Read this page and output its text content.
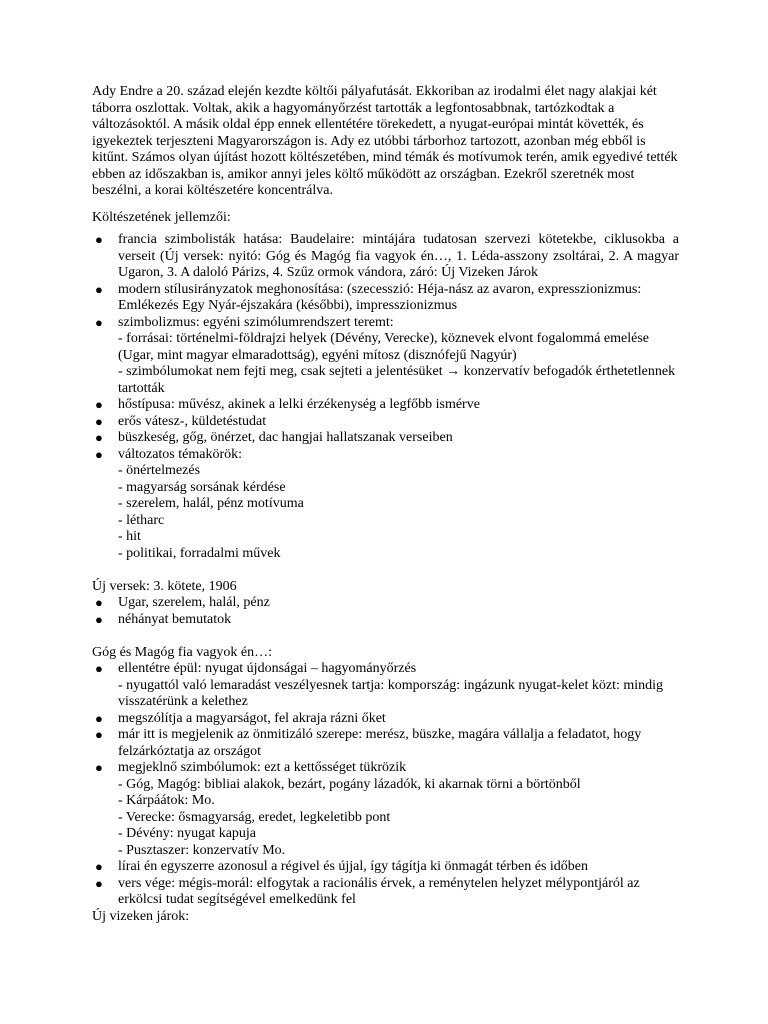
Ady Endre a 20. század elején kezdte költői pályafutását. Ekkoriban az irodalmi élet nagy alakjai két táborra oszlottak. Voltak, akik a hagyományőrzést tartották a legfontosabbnak, tartózkodtak a változásoktól. A másik oldal épp ennek ellentétére törekedett, a nyugat-európai mintát követték, és igyekeztek terjeszteni Magyarországon is. Ady ez utóbbi tárborhoz tartozott, azonban még ebből is kitűnt. Számos olyan újítást hozott költészetében, mind témák és motívumok terén, amik egyedivé tették ebben az időszakban is, amikor annyi jeles költő működött az országban. Ezekről szeretnék most beszélni, a korai költészetére koncentrálva.

Költészetének jellemzői:

● francia szimbolisták hatása: Baudelaire: mintájára tudatosan szervezi kötetekbe, ciklusokba a verseit (Új versek: nyitó: Góg és Magóg fia vagyok én…, 1. Léda-asszony zsoltárai, 2. A magyar Ugaron, 3. A daloló Párizs, 4. Szűz ormok vándora, záró: Új Vizeken Járok
● modern stílusirányzatok meghonosítása: (szecesszió: Héja-nász az avaron, expresszionizmus: Emlékezés Egy Nyár-éjszakára (későbbi), impresszionizmus
● szimbolizmus: egyéni szimólumrendszert teremt:
- forrásai: történelmi-földrajzi helyek (Dévény, Verecke), köznevek elvont fogalommá emelése (Ugar, mint magyar elmaradottság), egyéni mítosz (disznófejű Nagyúr)
- szimbólumokat nem fejti meg, csak sejteti a jelentésüket → konzervatív befogadók érthetetlennek tartották
● hőstípusa: művész, akinek a lelki érzékenység a legfőbb ismérve
● erős vátesz-, küldetéstudat
● büszkeség, gőg, önérzet, dac hangjai hallatszanak verseiben
● változatos témakörök:
- önértelmezés
- magyarság sorsának kérdése
- szerelem, halál, pénz motívuma
- létharc
- hit
- politikai, forradalmi művek

Új versek: 3. kötete, 1906

● Ugar, szerelem, halál, pénz
● néhányat bemutatok

Góg és Magóg fia vagyok én…:

● ellentétre épül: nyugat újdonságai – hagyományőrzés
- nyugattól való lemaradást veszélyesnek tartja: kompország: ingázunk nyugat-kelet közt: mindig visszatérünk a kelethez
● megszólítja a magyarságot, fel akraja rázni őket
● már itt is megjelenik az önmitizáló szerepe: merész, büszke, magára vállalja a feladatot, hogy felzárkóztatja az országot
● megjeklnő szimbólumok: ezt a kettősséget tükrözik
- Góg, Magóg: bibliai alakok, bezárt, pogány lázadók, ki akarnak törni a börtönből
- Kárpáátok: Mo.
- Verecke: ősmagyarság, eredet, legkeletibb pont
- Dévény: nyugat kapuja
- Pusztaszer: konzervatív Mo.
● lírai én egyszerre azonosul a régivel és újjal, így tágítja ki önmagát térben és időben
● vers vége: mégis-morál: elfogytak a racionális érvek, a reménytelen helyzet mélypontjáról az erkölcsi tudat segítségével emelkedünk fel

Új vizeken járok:
